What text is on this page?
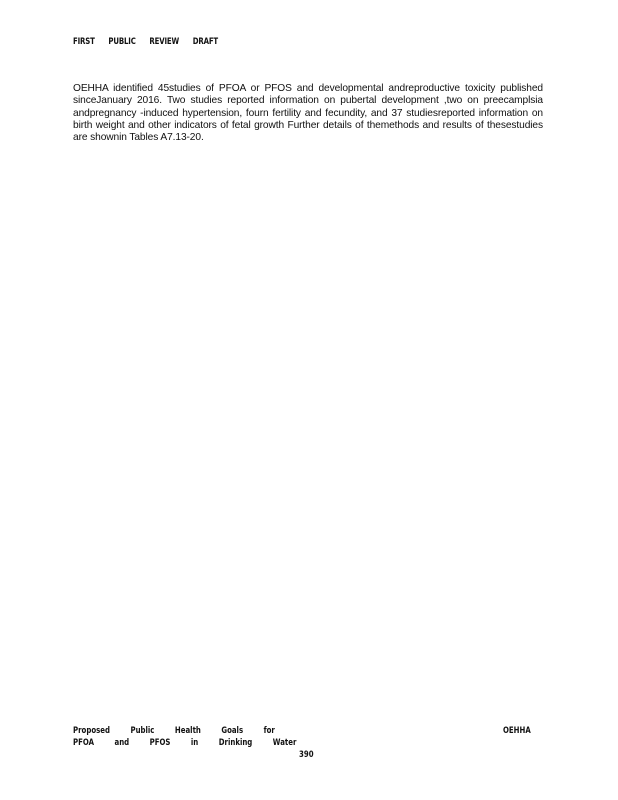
FIRST PUBLIC REVIEW DRAFT

OEHHA identified 45studies of PFOA or PFOS and developmental andreproductive toxicity published sinceJanuary 2016. Two studies reported information on pubertal development ,two on preecamplsia andpregnancy -induced hypertension, fourn fertility and fecundity, and 37 studiesreported information on birth weight and other indicators of fetal growth Further details of themethods and results of thesestudies are shownin Tables A7.13-20.

Proposed Public Health Goals for
PFOA and PFOS in Drinking Water
OEHHA
390
